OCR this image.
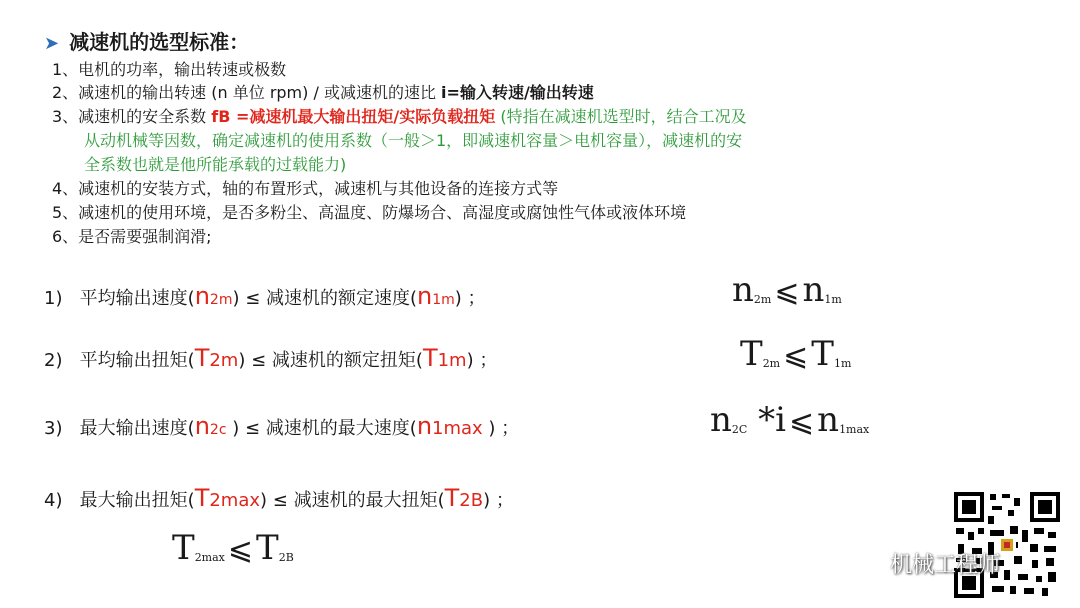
➤ 减速机的选型标准：
1、电机的功率，输出转速或极数
2、减速机的输出转速 (n 单位 rpm) / 或减速机的速比 i=输入转速/输出转速
3、减速机的安全系数 fB =减速机最大输出扭矩/实际负载扭矩 (特指在减速机选型时，结合工况及
从动机械等因数，确定减速机的使用系数（一般＞1，即减速机容量＞电机容量），减速机的安
全系数也就是他所能承载的过载能力)
4、减速机的安装方式，轴的布置形式，减速机与其他设备的连接方式等
5、减速机的使用环境，是否多粉尘、高温度、防爆场合、高湿度或腐蚀性气体或液体环境
6、是否需要强制润滑;
1) 平均输出速度(n2m) ≤ 减速机的额定速度(n1m) ；
2) 平均输出扭矩(T2m) ≤ 减速机的额定扭矩(T1m) ；
3) 最大输出速度(n2c ) ≤ 减速机的最大速度(n1max ) ；
4) 最大输出扭矩(T2max) ≤ 减速机的最大扭矩(T2B) ；
$n_{2m}$ $⩽n_{1m}$
$T_{2m}$ $⩽T_{1m}$
$n_{2C}$ *i $⩽n_{1max}$
$T_{2max}$ $⩽T_{2B}$	机械工程师
